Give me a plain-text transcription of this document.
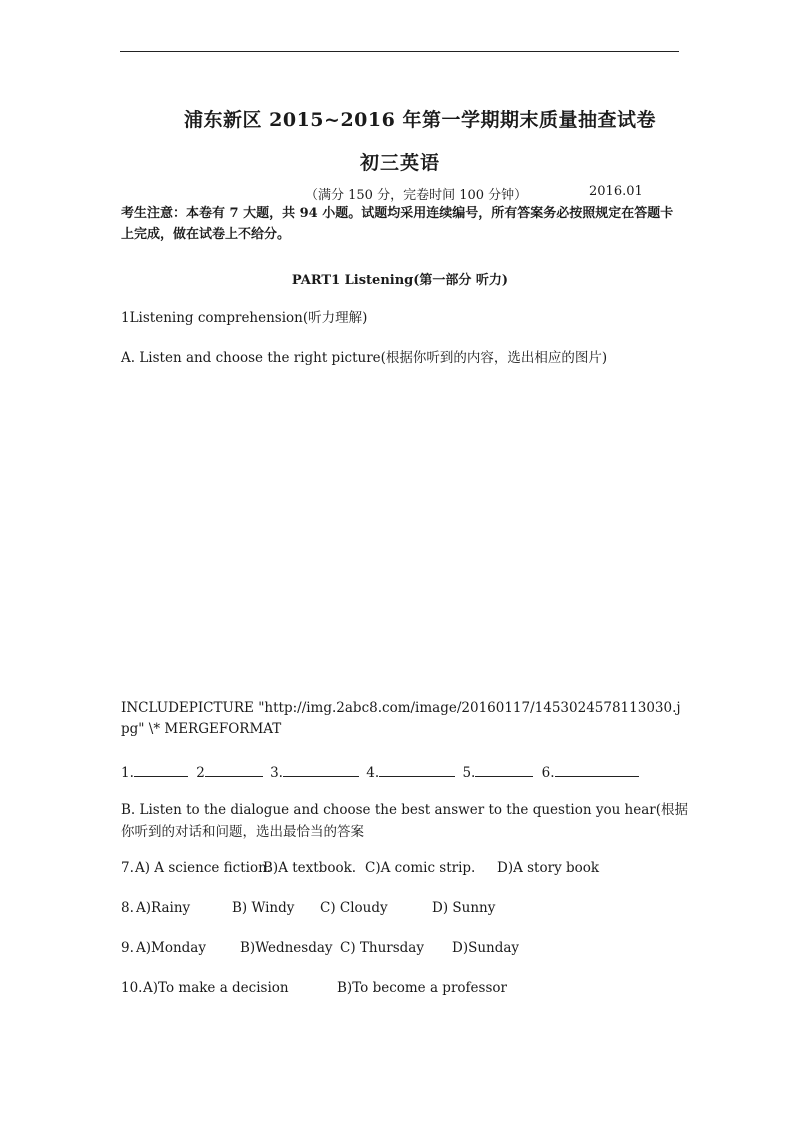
浦东新区 2015~2016 年第一学期期末质量抽查试卷
初三英语
（满分 150 分，完卷时间 100 分钟）	2016.01
考生注意：本卷有 7 大题，共 94 小题。试题均采用连续编号，所有答案务必按照规定在答题卡上完成，做在试卷上不给分。
PART1 Listening(第一部分 听力)
1Listening comprehension(听力理解)
A. Listen and choose the right picture(根据你听到的内容，选出相应的图片)
INCLUDEPICTURE "http://img.2abc8.com/image/20160117/1453024578113030.jpg" \* MERGEFORMAT
1.	2	3.	4.	5.	6.
B. Listen to the dialogue and choose the best answer to the question you hear(根据你听到的对话和问题，选出最恰当的答案
7. A) A science fiction.
B)A textbook. C)A comic strip. D)A story book
8. A)Rainy	B) Windy C) Cloudy	D) Sunny
9. A)Monday	B)Wednesday C) Thursday D)Sunday
10. A)To make a decision	B)To become a professor
